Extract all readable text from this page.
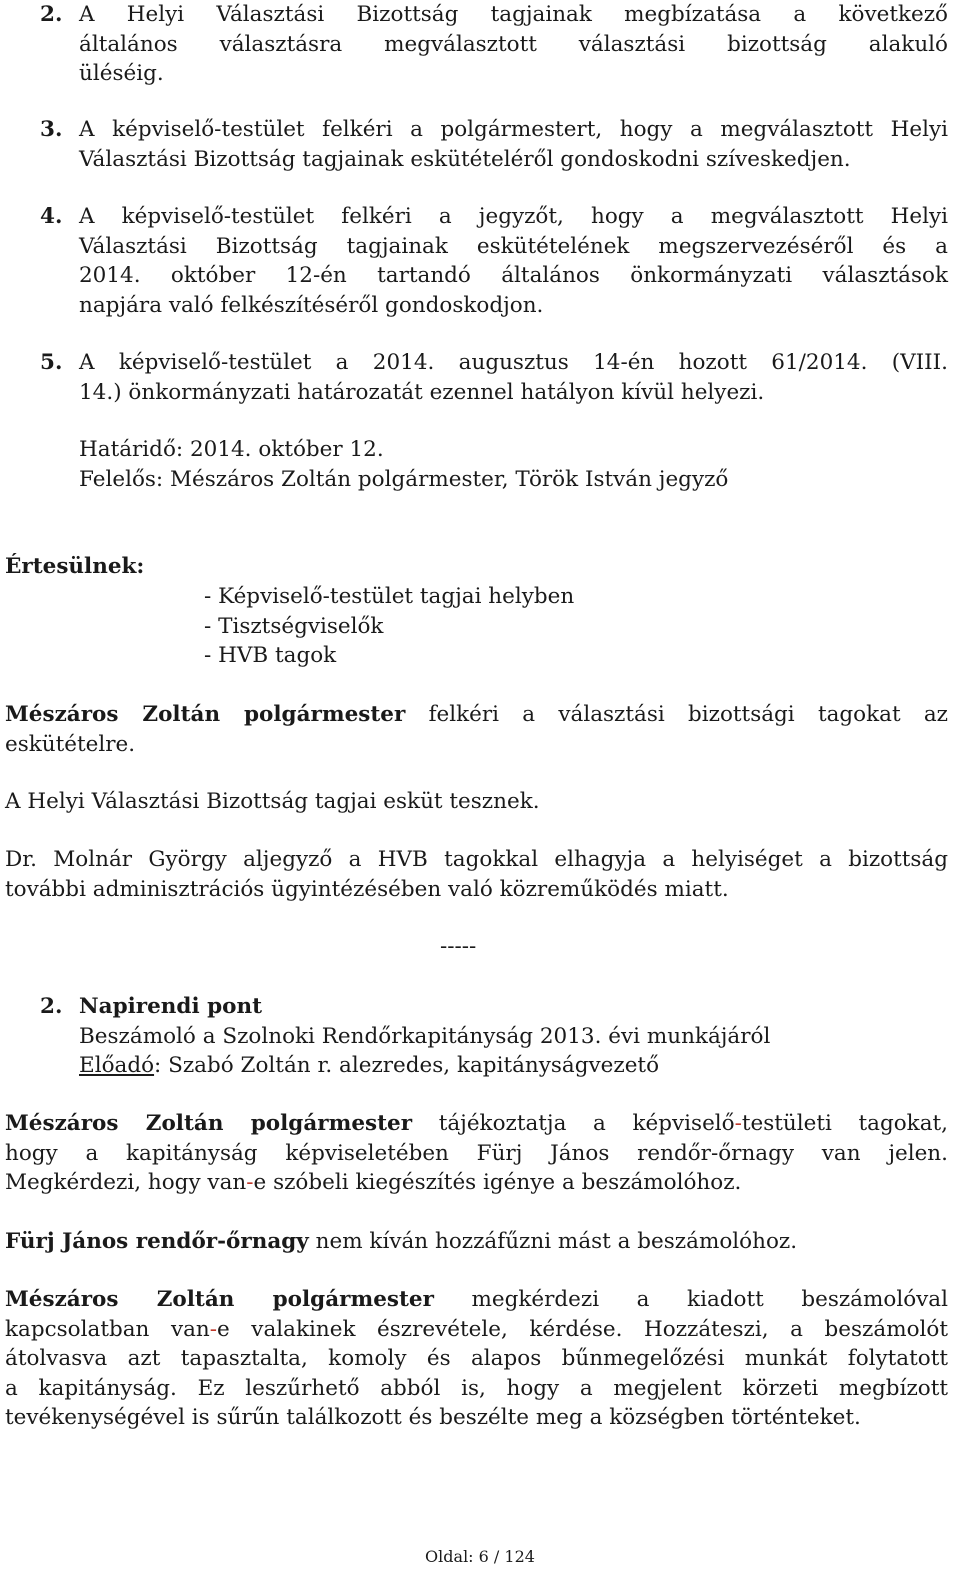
2. A Helyi Választási Bizottság tagjainak megbízatása a következő
általános választásra megválasztott választási bizottság alakuló
üléséig.
3. A képviselő-testület felkéri a polgármestert, hogy a megválasztott Helyi
Választási Bizottság tagjainak eskütételéről gondoskodni szíveskedjen.
4. A képviselő-testület felkéri a jegyzőt, hogy a megválasztott Helyi
Választási Bizottság tagjainak eskütételének megszervezéséről és a
2014. október 12-én tartandó általános önkormányzati választások
napjára való felkészítéséről gondoskodjon.
5. A képviselő-testület a 2014. augusztus 14-én hozott 61/2014. (VIII.
14.) önkormányzati határozatát ezennel hatályon kívül helyezi.
Határidő: 2014. október 12.
Felelős: Mészáros Zoltán polgármester, Török István jegyző
Értesülnek:
- Képviselő-testület tagjai helyben
- Tisztségviselők
- HVB tagok
Mészáros Zoltán polgármester felkéri a választási bizottsági tagokat az
eskütételre.
A Helyi Választási Bizottság tagjai esküt tesznek.
Dr. Molnár György aljegyző a HVB tagokkal elhagyja a helyiséget a bizottság
további adminisztrációs ügyintézésében való közreműködés miatt.
-----
2. Napirendi pont
Beszámoló a Szolnoki Rendőrkapitányság 2013. évi munkájáról
Előadó: Szabó Zoltán r. alezredes, kapitányságvezető
Mészáros Zoltán polgármester tájékoztatja a képviselő-testületi tagokat,
hogy a kapitányság képviseletében Fürj János rendőr-őrnagy van jelen.
Megkérdezi, hogy van-e szóbeli kiegészítés igénye a beszámolóhoz.
Fürj János rendőr-őrnagy nem kíván hozzáfűzni mást a beszámolóhoz.
Mészáros Zoltán polgármester megkérdezi a kiadott beszámolóval
kapcsolatban van-e valakinek észrevétele, kérdése. Hozzáteszi, a beszámolót
átolvasva azt tapasztalta, komoly és alapos bűnmegelőzési munkát folytatott
a kapitányság. Ez leszűrhető abból is, hogy a megjelent körzeti megbízott
tevékenységével is sűrűn találkozott és beszélte meg a községben történteket.
Oldal: 6 / 124
